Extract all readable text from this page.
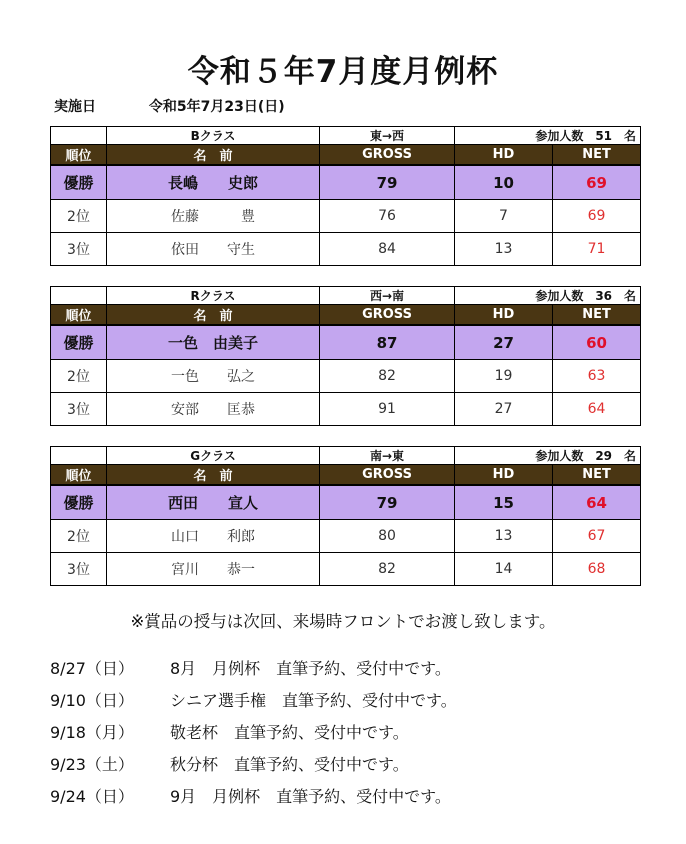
令和５年7月度月例杯
実施日	令和5年7月23日(日)
	Bクラス	東→西	参加人数　51　名	
順位	名　前	GROSS	HD	NET
優勝	長嶋　　史郎	79	10	69
2位	佐藤　　　豊	76	7	69
3位	依田　　守生	84	13	71
	Rクラス	西→南	参加人数　36　名	
順位	名　前	GROSS	HD	NET
優勝	一色　由美子	87	27	60
2位	一色　　弘之	82	19	63
3位	安部　　匡恭	91	27	64
	Gクラス	南→東	参加人数　29　名	
順位	名　前	GROSS	HD	NET
優勝	西田　　宣人	79	15	64
2位	山口　　利郎	80	13	67
3位	宮川　　恭一	82	14	68
※賞品の授与は次回、来場時フロントでお渡し致します。
8/27（日） 8月　月例杯　直筆予約、受付中です。
9/10（日） シニア選手権　直筆予約、受付中です。
9/18（月） 敬老杯　直筆予約、受付中です。
9/23（土） 秋分杯　直筆予約、受付中です。
9/24（日） 9月　月例杯　直筆予約、受付中です。
